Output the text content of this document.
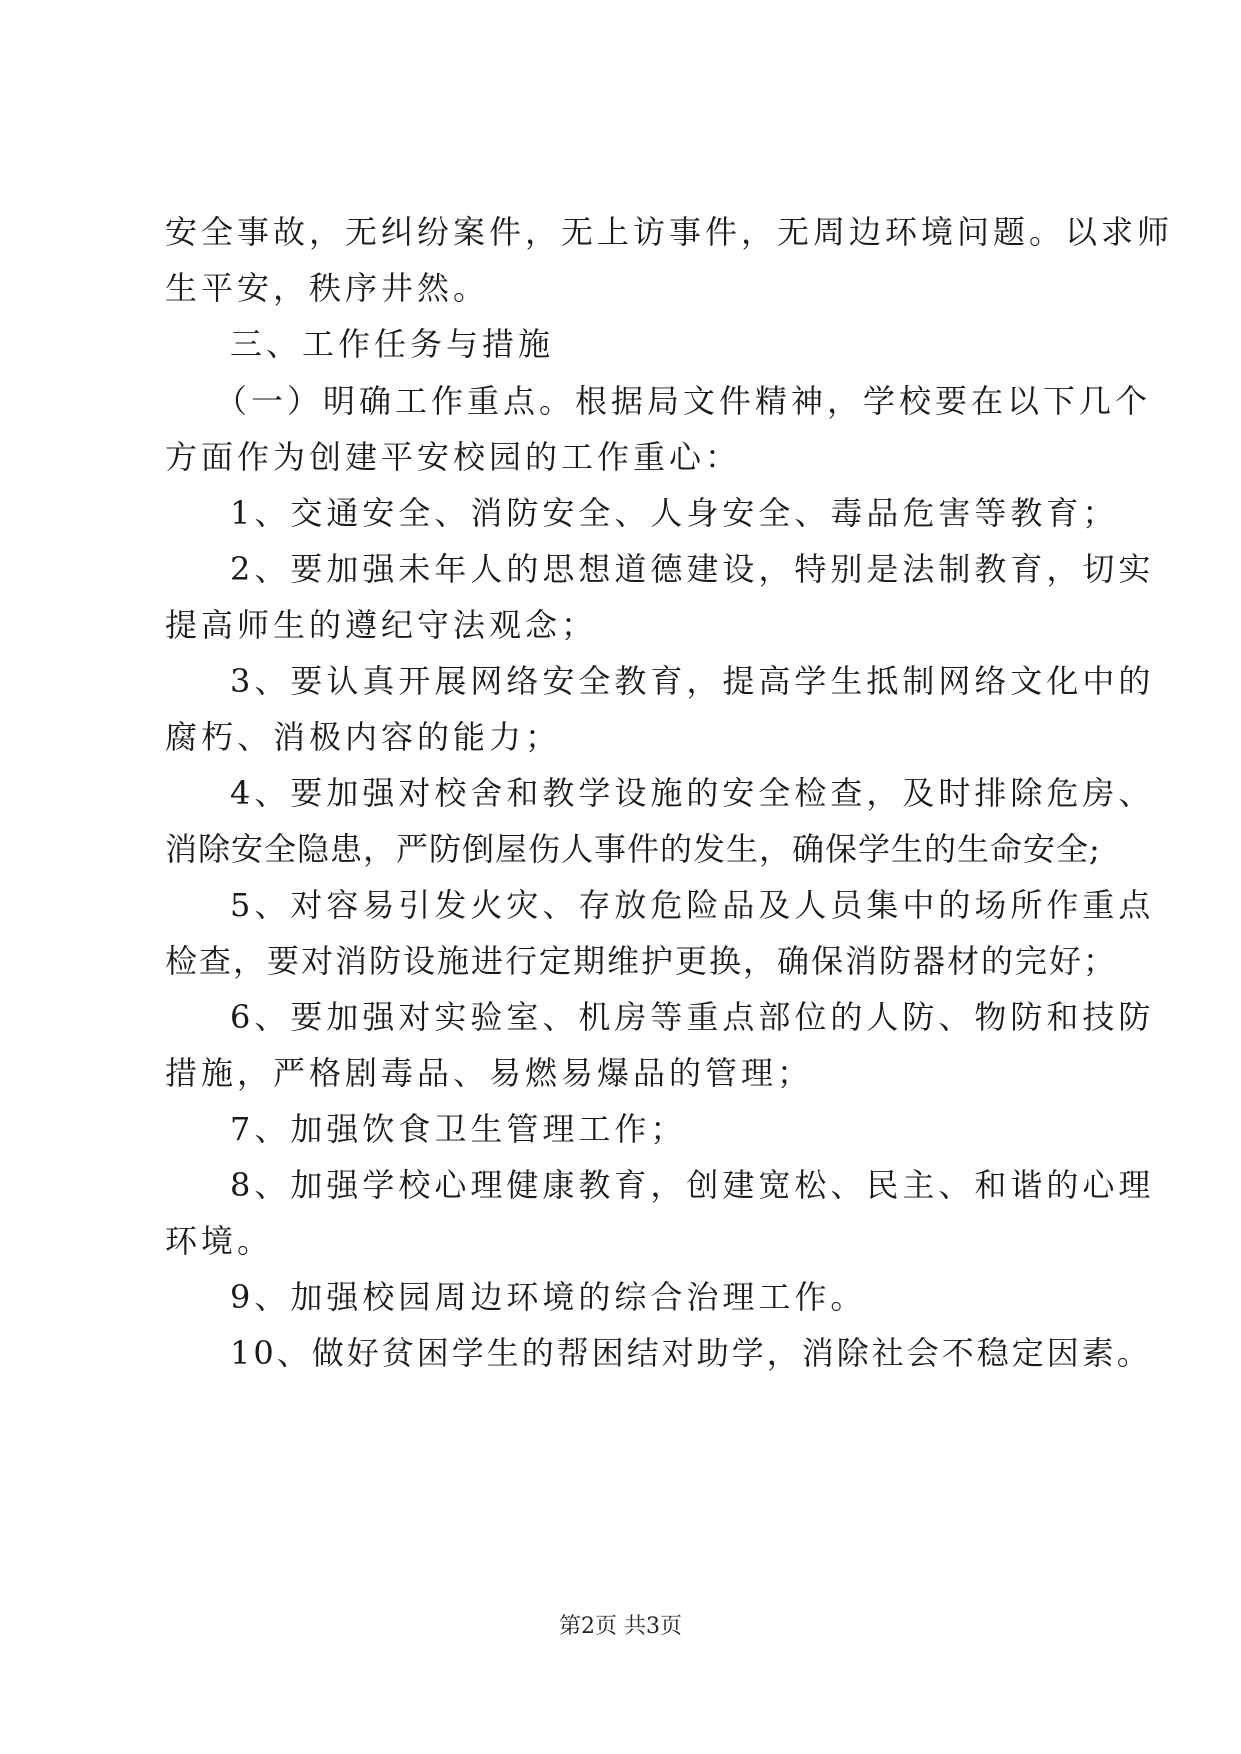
安全事故，无纠纷案件，无上访事件，无周边环境问题。以求师
生平安，秩序井然。
三、工作任务与措施
（一）明确工作重点。根据局文件精神，学校要在以下几个
方面作为创建平安校园的工作重心：
1、交通安全、消防安全、人身安全、毒品危害等教育；
2、要加强未年人的思想道德建设，特别是法制教育，切实
提高师生的遵纪守法观念；
3、要认真开展网络安全教育，提高学生抵制网络文化中的
腐朽、消极内容的能力；
4、要加强对校舍和教学设施的安全检查，及时排除危房、
消除安全隐患，严防倒屋伤人事件的发生，确保学生的生命安全;
5、对容易引发火灾、存放危险品及人员集中的场所作重点
检查，要对消防设施进行定期维护更换，确保消防器材的完好；
6、要加强对实验室、机房等重点部位的人防、物防和技防
措施，严格剧毒品、易燃易爆品的管理；
7、加强饮食卫生管理工作；
8、加强学校心理健康教育，创建宽松、民主、和谐的心理
环境。
9、加强校园周边环境的综合治理工作。
10、做好贫困学生的帮困结对助学，消除社会不稳定因素。
第2页 共3页
